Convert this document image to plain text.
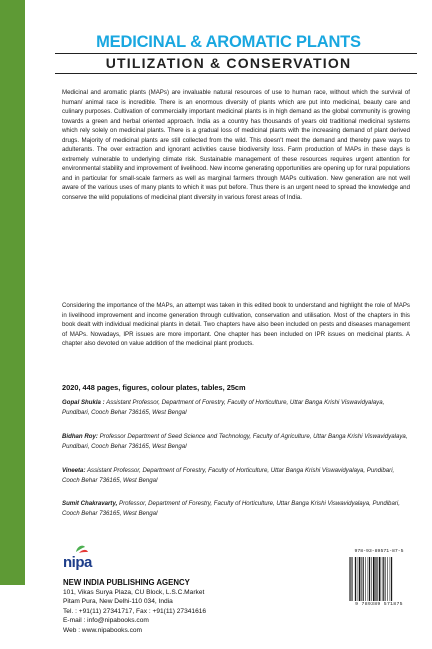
MEDICINAL & AROMATIC PLANTS
UTILIZATION & CONSERVATION
Medicinal and aromatic plants (MAPs) are invaluable natural resources of use to human race, without which the survival of human/ animal race is incredible. There is an enormous diversity of plants which are put into medicinal, beauty care and culinary purposes. Cultivation of commercially important medicinal plants is in high demand as the global community is growing towards a green and herbal oriented approach. India as a country has thousands of years old traditional medicinal systems which rely solely on medicinal plants. There is a gradual loss of medicinal plants with the increasing demand of plant derived drugs. Majority of medicinal plants are still collected from the wild. This doesn't meet the demand and thereby pave ways to adulterants. The over extraction and ignorant activities cause biodiversity loss. Farm production of MAPs in these days is extremely vulnerable to underlying climate risk. Sustainable management of these resources requires urgent attention for environmental stability and improvement of livelihood. New income generating opportunities are opening up for rural populations and in particular for small-scale farmers as well as marginal farmers through MAPs cultivation. New generation are not well aware of the various uses of many plants to which it was put before. Thus there is an urgent need to spread the knowledge and conserve the wild populations of medicinal plant diversity in various forest areas of India.
Considering the importance of the MAPs, an attempt was taken in this edited book to understand and highlight the role of MAPs in livelihood improvement and income generation through cultivation, conservation and utilisation. Most of the chapters in this book dealt with individual medicinal plants in detail. Two chapters have also been included on pests and diseases management of MAPs. Nowadays, IPR issues are more important. One chapter has been included on IPR issues on medicinal plants. A chapter also devoted on value addition of the medicinal plant products.
2020, 448 pages, figures, colour plates, tables, 25cm
Gopal Shukla : Assistant Professor, Department of Forestry, Faculty of Horticulture, Uttar Banga Krishi Viswavidyalaya, Pundibari, Cooch Behar 736165, West Bengal
Bidhan Roy: Professor Department of Seed Science and Technology, Faculty of Agriculture, Uttar Banga Krishi Viswavidyalaya, Pundibari, Cooch Behar 736165, West Bengal
Vineeta: Assistant Professor, Department of Forestry, Faculty of Horticulture, Uttar Banga Krishi Viswavidyalaya, Pundibari, Cooch Behar 736165, West Bengal
Sumit Chakravarty, Professor, Department of Forestry, Faculty of Horticulture, Uttar Banga Krishi Viswavidyalaya, Pundibari, Cooch Behar 736165, West Bengal
nipa
NEW INDIA PUBLISHING AGENCY
101, Vikas Surya Plaza, CU Block, L.S.C.Market
Pitam Pura, New Delhi-110 034, India
Tel. : +91(11) 27341717, Fax : +91(11) 27341616
E-mail : info@nipabooks.com
Web : www.nipabooks.com
978-93-89571-87-5
9 789389 571875
